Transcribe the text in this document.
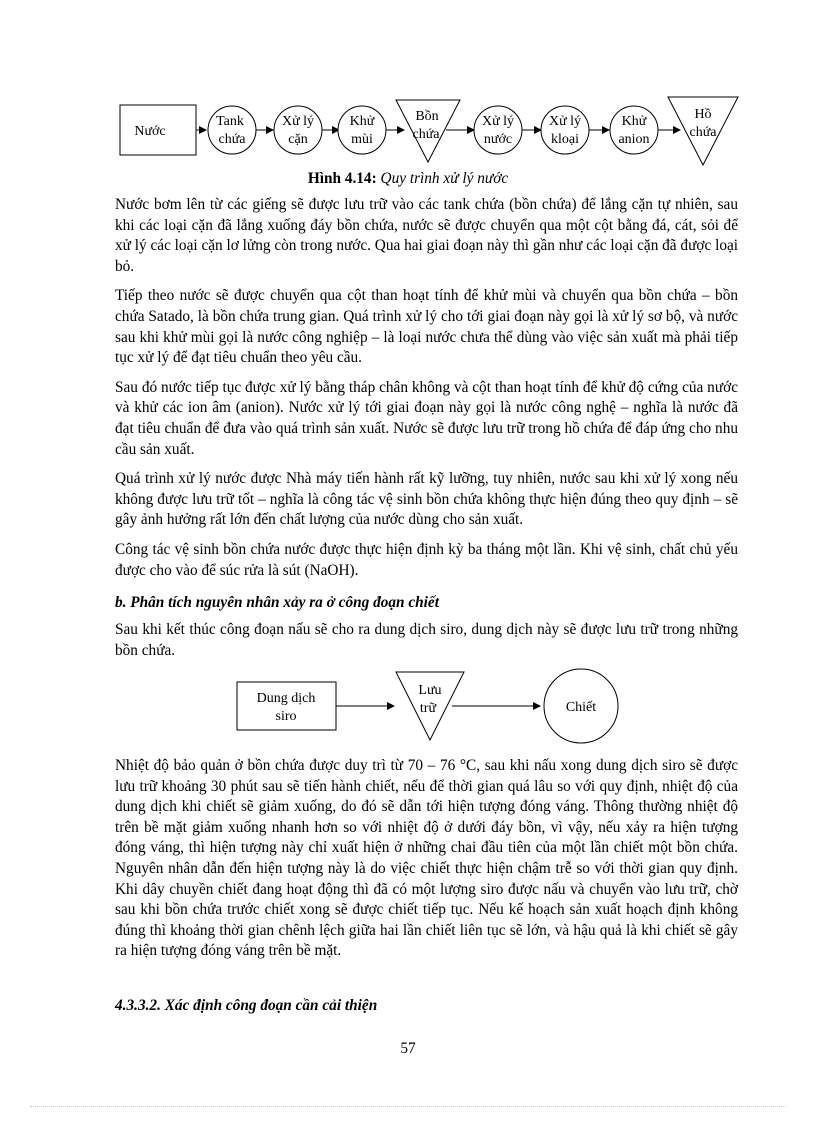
Nước
Tank
chứa
Xử lý
cặn
Khử
mùi
Bồn
chứa
Xử lý
nước
Xử lý
kloại
Khử
anion
Hồ
chứa

Hình 4.14: Quy trình xử lý nước

Nước bơm lên từ các giếng sẽ được lưu trữ vào các tank chứa (bồn chứa) để lắng cặn tự nhiên, sau khi các loại cặn đã lắng xuống đáy bồn chứa, nước sẽ được chuyển qua một cột bằng đá, cát, sỏi để xử lý các loại cặn lơ lửng còn trong nước. Qua hai giai đoạn này thì gần như các loại cặn đã được loại bỏ.

Tiếp theo nước sẽ được chuyển qua cột than hoạt tính để khử mùi và chuyển qua bồn chứa – bồn chứa Satado, là bồn chứa trung gian. Quá trình xử lý cho tới giai đoạn này gọi là xử lý sơ bộ, và nước sau khi khử mùi gọi là nước công nghiệp – là loại nước chưa thể dùng vào việc sản xuất mà phải tiếp tục xử lý để đạt tiêu chuẩn theo yêu cầu.

Sau đó nước tiếp tục được xử lý bằng tháp chân không và cột than hoạt tính để khử độ cứng của nước và khử các ion âm (anion). Nước xử lý tới giai đoạn này gọi là nước công nghệ – nghĩa là nước đã đạt tiêu chuẩn để đưa vào quá trình sản xuất. Nước sẽ được lưu trữ trong hồ chứa để đáp ứng cho nhu cầu sản xuất.

Quá trình xử lý nước được Nhà máy tiến hành rất kỹ lưỡng, tuy nhiên, nước sau khi xử lý xong nếu không được lưu trữ tốt – nghĩa là công tác vệ sinh bồn chứa không thực hiện đúng theo quy định – sẽ gây ảnh hưởng rất lớn đến chất lượng của nước dùng cho sản xuất.

Công tác vệ sinh bồn chứa nước được thực hiện định kỳ ba tháng một lần. Khi vệ sinh, chất chủ yếu được cho vào để súc rửa là sút (NaOH).

b. Phân tích nguyên nhân xảy ra ở công đoạn chiết

Sau khi kết thúc công đoạn nấu sẽ cho ra dung dịch siro, dung dịch này sẽ được lưu trữ trong những bồn chứa.

Dung dịch
siro
Lưu
trữ	Chiết

Nhiệt độ bảo quản ở bồn chứa được duy trì từ 70 – 76 °C, sau khi nấu xong dung dịch siro sẽ được lưu trữ khoảng 30 phút sau sẽ tiến hành chiết, nếu để thời gian quá lâu so với quy định, nhiệt độ của dung dịch khi chiết sẽ giảm xuống, do đó sẽ dẫn tới hiện tượng đóng váng. Thông thường nhiệt độ trên bề mặt giảm xuống nhanh hơn so với nhiệt độ ở dưới đáy bồn, vì vậy, nếu xảy ra hiện tượng đóng váng, thì hiện tượng này chỉ xuất hiện ở những chai đầu tiên của một lần chiết một bồn chứa. Nguyên nhân dẫn đến hiện tượng này là do việc chiết thực hiện chậm trễ so với thời gian quy định. Khi dây chuyền chiết đang hoạt động thì đã có một lượng siro được nấu và chuyển vào lưu trữ, chờ sau khi bồn chứa trước chiết xong sẽ được chiết tiếp tục. Nếu kế hoạch sản xuất hoạch định không đúng thì khoảng thời gian chênh lệch giữa hai lần chiết liên tục sẽ lớn, và hậu quả là khi chiết sẽ gây ra hiện tượng đóng váng trên bề mặt.

4.3.3.2. Xác định công đoạn cần cải thiện

57
